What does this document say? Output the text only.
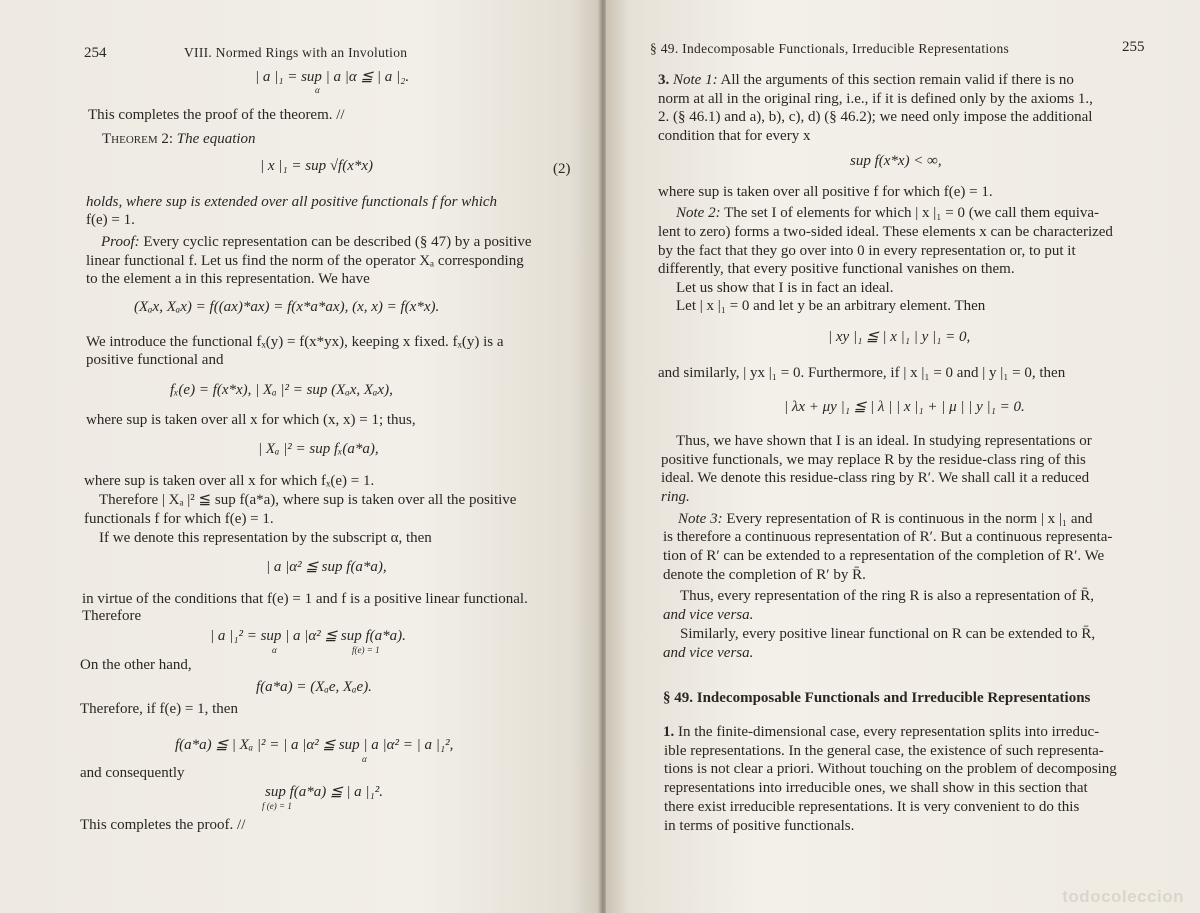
254	VIII. Normed Rings with an Involution
| a |₁ = sup | a |α ≦ | a |₂.
α
This completes the proof of the theorem. //
Theorem 2: The equation
| x |₁ = sup √f(x*x)	(2)
holds, where sup is extended over all positive functionals f for which
f(e) = 1.
Proof: Every cyclic representation can be described (§ 47) by a positive
linear functional f. Let us find the norm of the operator Xₐ corresponding
to the element a in this representation. We have
(Xₐx, Xₐx) = f((ax)*ax) = f(x*a*ax), (x, x) = f(x*x).
We introduce the functional fₓ(y) = f(x*yx), keeping x fixed. fₓ(y) is a
positive functional and
fₓ(e) = f(x*x), | Xₐ |² = sup (Xₐx, Xₐx),
where sup is taken over all x for which (x, x) = 1; thus,
| Xₐ |² = sup fₓ(a*a),
where sup is taken over all x for which fₓ(e) = 1.
Therefore | Xₐ |² ≦ sup f(a*a), where sup is taken over all the positive
functionals f for which f(e) = 1.
If we denote this representation by the subscript α, then
| a |α² ≦ sup f(a*a),
in virtue of the conditions that f(e) = 1 and f is a positive linear functional.
Therefore
| a |₁² = sup | a |α² ≦ sup f(a*a).
α	f(e) = 1
On the other hand,
f(a*a) = (Xₐe, Xₐe).
Therefore, if f(e) = 1, then
f(a*a) ≦ | Xₐ |² = | a |α² ≦ sup | a |α² = | a |₁²,
α
and consequently
sup f(a*a) ≦ | a |₁².
f (e) = 1
This completes the proof. //
§ 49. Indecomposable Functionals, Irreducible Representations	255
3. Note 1: All the arguments of this section remain valid if there is no
norm at all in the original ring, i.e., if it is defined only by the axioms 1.,
2. (§ 46.1) and a), b), c), d) (§ 46.2); we need only impose the additional
condition that for every x
sup f(x*x) < ∞,
where sup is taken over all positive f for which f(e) = 1.
Note 2: The set I of elements for which | x |₁ = 0 (we call them equiva-
lent to zero) forms a two-sided ideal. These elements x can be characterized
by the fact that they go over into 0 in every representation or, to put it
differently, that every positive functional vanishes on them.
Let us show that I is in fact an ideal.
Let | x |₁ = 0 and let y be an arbitrary element. Then
| xy |₁ ≦ | x |₁ | y |₁ = 0,
and similarly, | yx |₁ = 0. Furthermore, if | x |₁ = 0 and | y |₁ = 0, then
| λx + μy |₁ ≦ | λ | | x |₁ + | μ | | y |₁ = 0.
Thus, we have shown that I is an ideal. In studying representations or
positive functionals, we may replace R by the residue-class ring of this
ideal. We denote this residue-class ring by R′. We shall call it a reduced
ring.
Note 3: Every representation of R is continuous in the norm | x |₁ and
is therefore a continuous representation of R′. But a continuous representa-
tion of R′ can be extended to a representation of the completion of R′. We
denote the completion of R′ by R̄.
Thus, every representation of the ring R is also a representation of R̄,
and vice versa.
Similarly, every positive linear functional on R can be extended to R̄,
and vice versa.
§ 49. Indecomposable Functionals and Irreducible Representations
1. In the finite-dimensional case, every representation splits into irreduc-
ible representations. In the general case, the existence of such representa-
tions is not clear a priori. Without touching on the problem of decomposing
representations into irreducible ones, we shall show in this section that
there exist irreducible representations. It is very convenient to do this
in terms of positive functionals.
todocoleccion
